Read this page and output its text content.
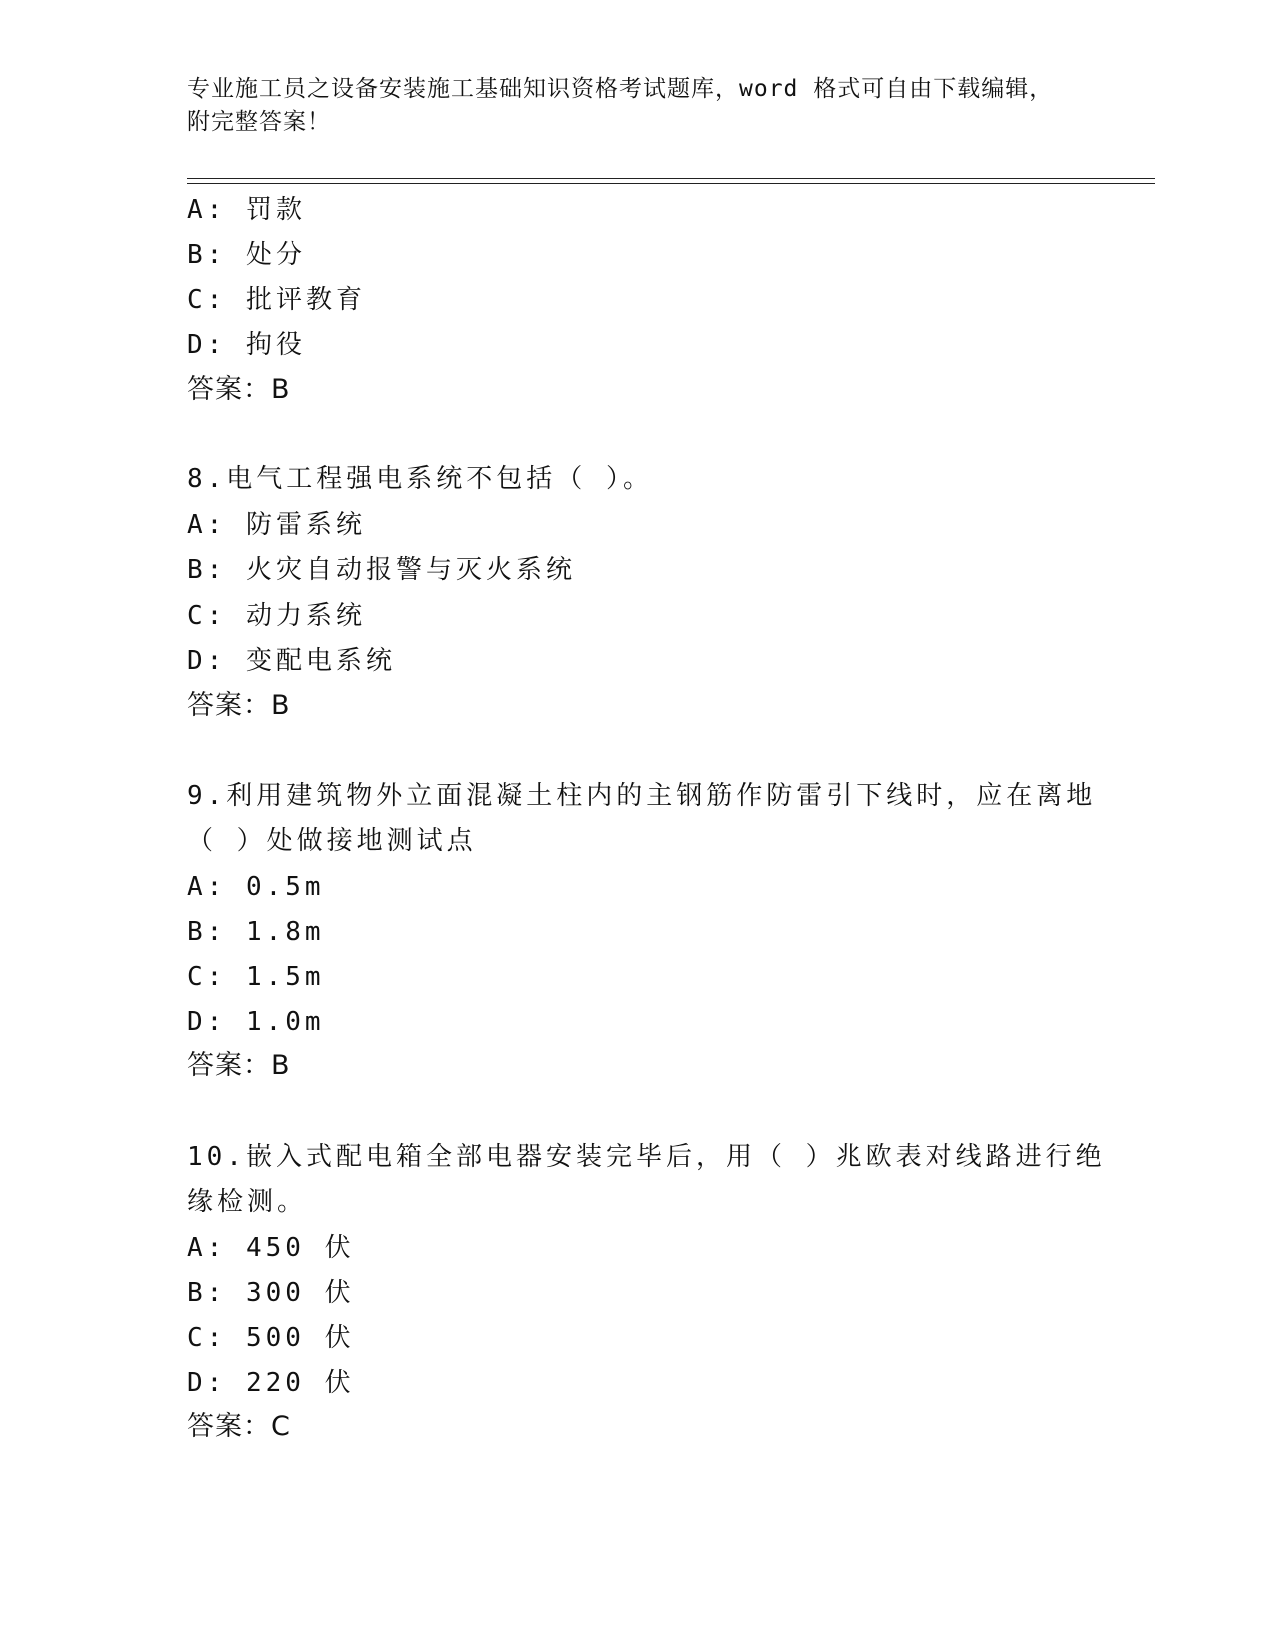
专业施工员之设备安装施工基础知识资格考试题库，word 格式可自由下载编辑，
附完整答案！
A: 罚款
B: 处分
C: 批评教育
D: 拘役
答案：B
8.电气工程强电系统不包括（ ）。
A: 防雷系统
B: 火灾自动报警与灭火系统
C: 动力系统
D: 变配电系统
答案：B
9.利用建筑物外立面混凝土柱内的主钢筋作防雷引下线时，应在离地
（ ）处做接地测试点
A: 0.5m
B: 1.8m
C: 1.5m
D: 1.0m
答案：B
10.嵌入式配电箱全部电器安装完毕后，用（ ）兆欧表对线路进行绝
缘检测。
A: 450 伏
B: 300 伏
C: 500 伏
D: 220 伏
答案：C
